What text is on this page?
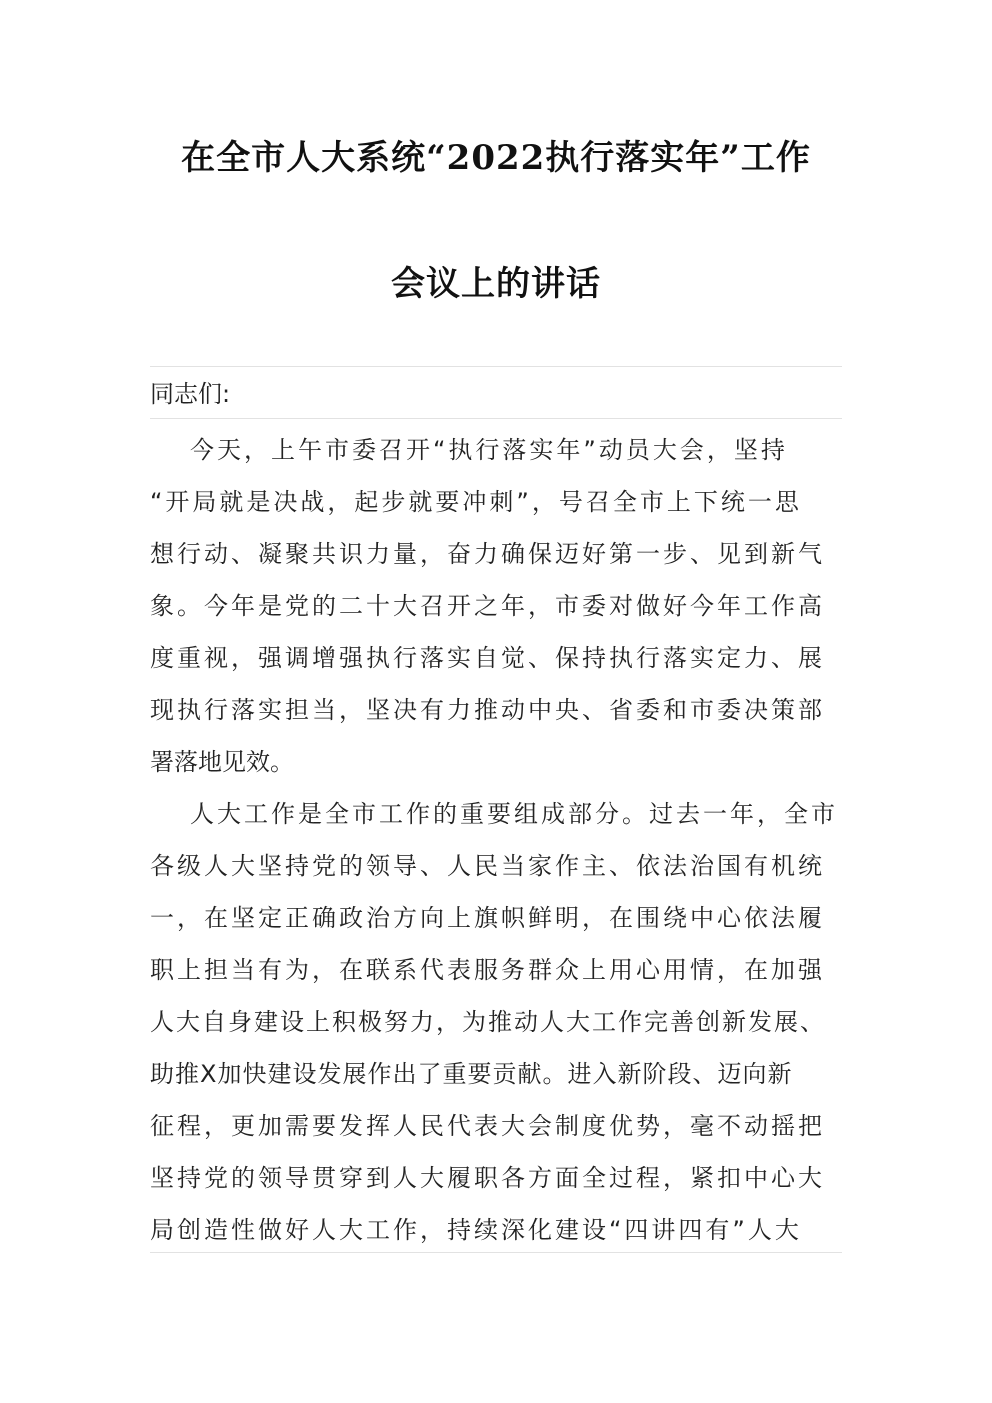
在全市人大系统“2022执行落实年”工作
会议上的讲话
同志们:
今天，上午市委召开“执行落实年”动员大会，坚持
“开局就是决战，起步就要冲刺”，号召全市上下统一思
想行动、凝聚共识力量，奋力确保迈好第一步、见到新气
象。今年是党的二十大召开之年，市委对做好今年工作高
度重视，强调增强执行落实自觉、保持执行落实定力、展
现执行落实担当，坚决有力推动中央、省委和市委决策部
署落地见效。
人大工作是全市工作的重要组成部分。过去一年，全市
各级人大坚持党的领导、人民当家作主、依法治国有机统
一，在坚定正确政治方向上旗帜鲜明，在围绕中心依法履
职上担当有为，在联系代表服务群众上用心用情，在加强
人大自身建设上积极努力，为推动人大工作完善创新发展、
助推X加快建设发展作出了重要贡献。进入新阶段、迈向新
征程，更加需要发挥人民代表大会制度优势，毫不动摇把
坚持党的领导贯穿到人大履职各方面全过程，紧扣中心大
局创造性做好人大工作，持续深化建设“四讲四有”人大
